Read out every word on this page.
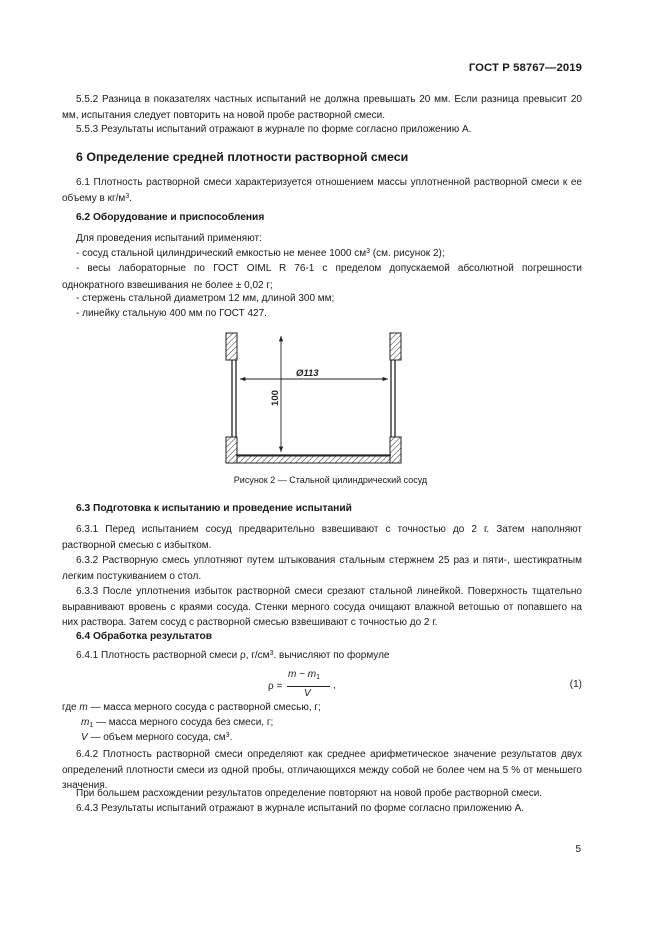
ГОСТ Р 58767—2019
5.5.2 Разница в показателях частных испытаний не должна превышать 20 мм. Если разница превысит 20 мм, испытания следует повторить на новой пробе растворной смеси.
5.5.3 Результаты испытаний отражают в журнале по форме согласно приложению А.
6 Определение средней плотности растворной смеси
6.1 Плотность растворной смеси характеризуется отношением массы уплотненной растворной смеси к ее объему в $кг/м^3$.
6.2 Оборудование и приспособления
Для проведения испытаний применяют:
- сосуд стальной цилиндрический емкостью не менее 1000 $см^3$ (см. рисунок 2);
- весы лабораторные по ГОСТ OIML R 76-1 с пределом допускаемой абсолютной погрешности
однократного взвешивания не более ± 0,02 г;
- стержень стальной диаметром 12 мм, длиной 300 мм;
- линейку стальную 400 мм по ГОСТ 427.
Ø113
100
Рисунок 2 — Стальной цилиндрический сосуд
6.3 Подготовка к испытанию и проведение испытаний
6.3.1 Перед испытанием сосуд предварительно взвешивают с точностью до 2 г. Затем наполняют растворной смесью с избытком.
6.3.2 Растворную смесь уплотняют путем штыкования стальным стержнем 25 раз и пяти-, шестикратным легким постукиванием о стол.
6.3.3 После уплотнения избыток растворной смеси срезают стальной линейкой. Поверхность тщательно выравнивают вровень с краями сосуда. Стенки мерного сосуда очищают влажной ветошью от попавшего на них раствора. Затем сосуд с растворной смесью взвешивают с точностью до 2 г.
6.4 Обработка результатов
6.4.1 Плотность растворной смеси ρ, $г/см^3$. вычисляют по формуле
ρ =
$m - m_1$
V
,	(1)
где m — масса мерного сосуда с растворной смесью, г;
$m_1$ — масса мерного сосуда без смеси, г;
V — объем мерного сосуда, $см^3$.
6.4.2 Плотность растворной смеси определяют как среднее арифметическое значение результатов двух определений плотности смеси из одной пробы, отличающихся между собой не более чем на 5 % от меньшего значения.
При большем расхождении результатов определение повторяют на новой пробе растворной смеси.
6.4.3 Результаты испытаний отражают в журнале испытаний по форме согласно приложению А.
5
